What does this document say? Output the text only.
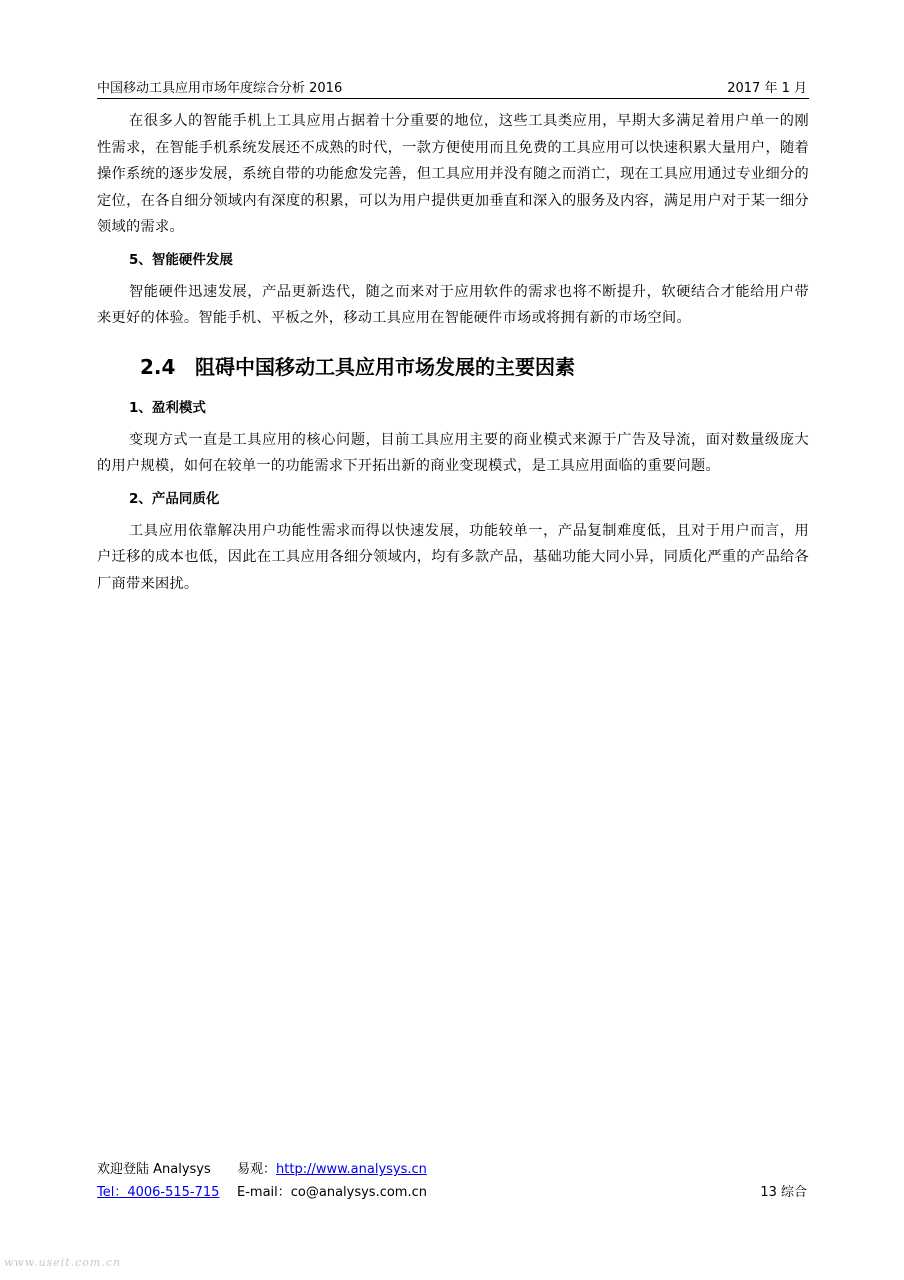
中国移动工具应用市场年度综合分析 2016	2017 年 1 月

在很多人的智能手机上工具应用占据着十分重要的地位，这些工具类应用，早期大多满足着用户单一的刚性需求，在智能手机系统发展还不成熟的时代，一款方便使用而且免费的工具应用可以快速积累大量用户，随着操作系统的逐步发展，系统自带的功能愈发完善，但工具应用并没有随之而消亡，现在工具应用通过专业细分的定位，在各自细分领域内有深度的积累，可以为用户提供更加垂直和深入的服务及内容，满足用户对于某一细分领域的需求。

5、智能硬件发展

智能硬件迅速发展，产品更新迭代，随之而来对于应用软件的需求也将不断提升，软硬结合才能给用户带来更好的体验。智能手机、平板之外，移动工具应用在智能硬件市场或将拥有新的市场空间。

2.4 阻碍中国移动工具应用市场发展的主要因素
1、盈利模式

变现方式一直是工具应用的核心问题，目前工具应用主要的商业模式来源于广告及导流，面对数量级庞大的用户规模，如何在较单一的功能需求下开拓出新的商业变现模式，是工具应用面临的重要问题。

2、产品同质化

工具应用依靠解决用户功能性需求而得以快速发展，功能较单一，产品复制难度低，且对于用户而言，用户迁移的成本也低，因此在工具应用各细分领域内，均有多款产品，基础功能大同小异，同质化严重的产品给各厂商带来困扰。

欢迎登陆 Analysys 易观：http://www.analysys.cn
Tel：4006-515-715 E-mail：co@analysys.com.cn	13 综合
www.useit.com.cn
